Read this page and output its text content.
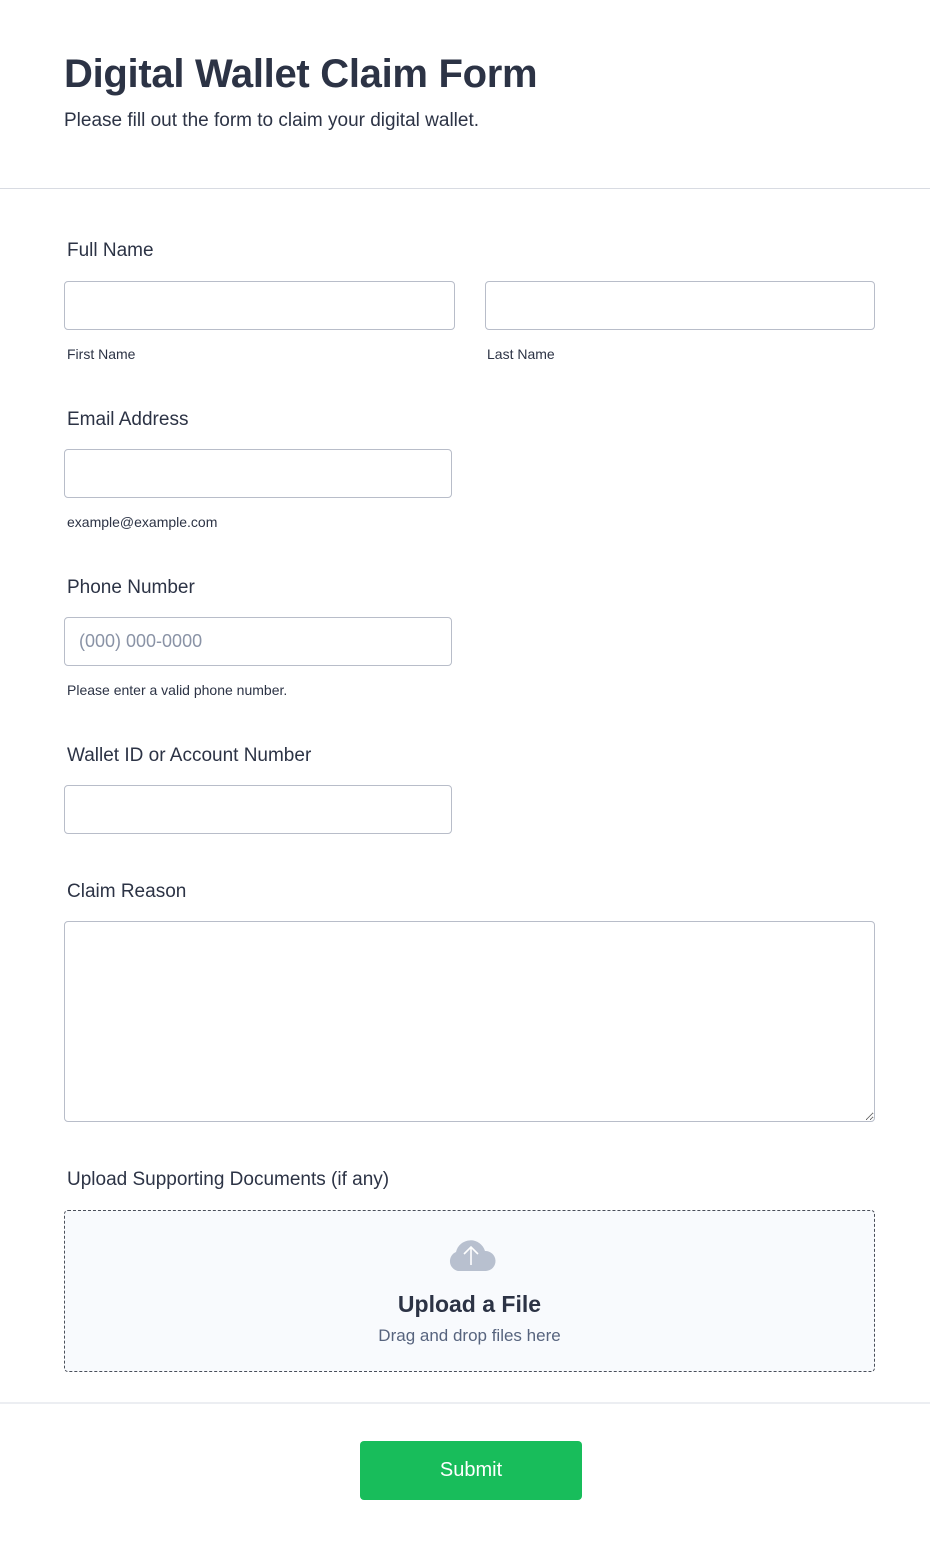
Digital Wallet Claim Form
Please fill out the form to claim your digital wallet.
Full Name
First Name	Last Name
Email Address
example@example.com
Phone Number
(000) 000-0000
Please enter a valid phone number.
Wallet ID or Account Number
Claim Reason
Upload Supporting Documents (if any)
Upload a File
Drag and drop files here
Submit
